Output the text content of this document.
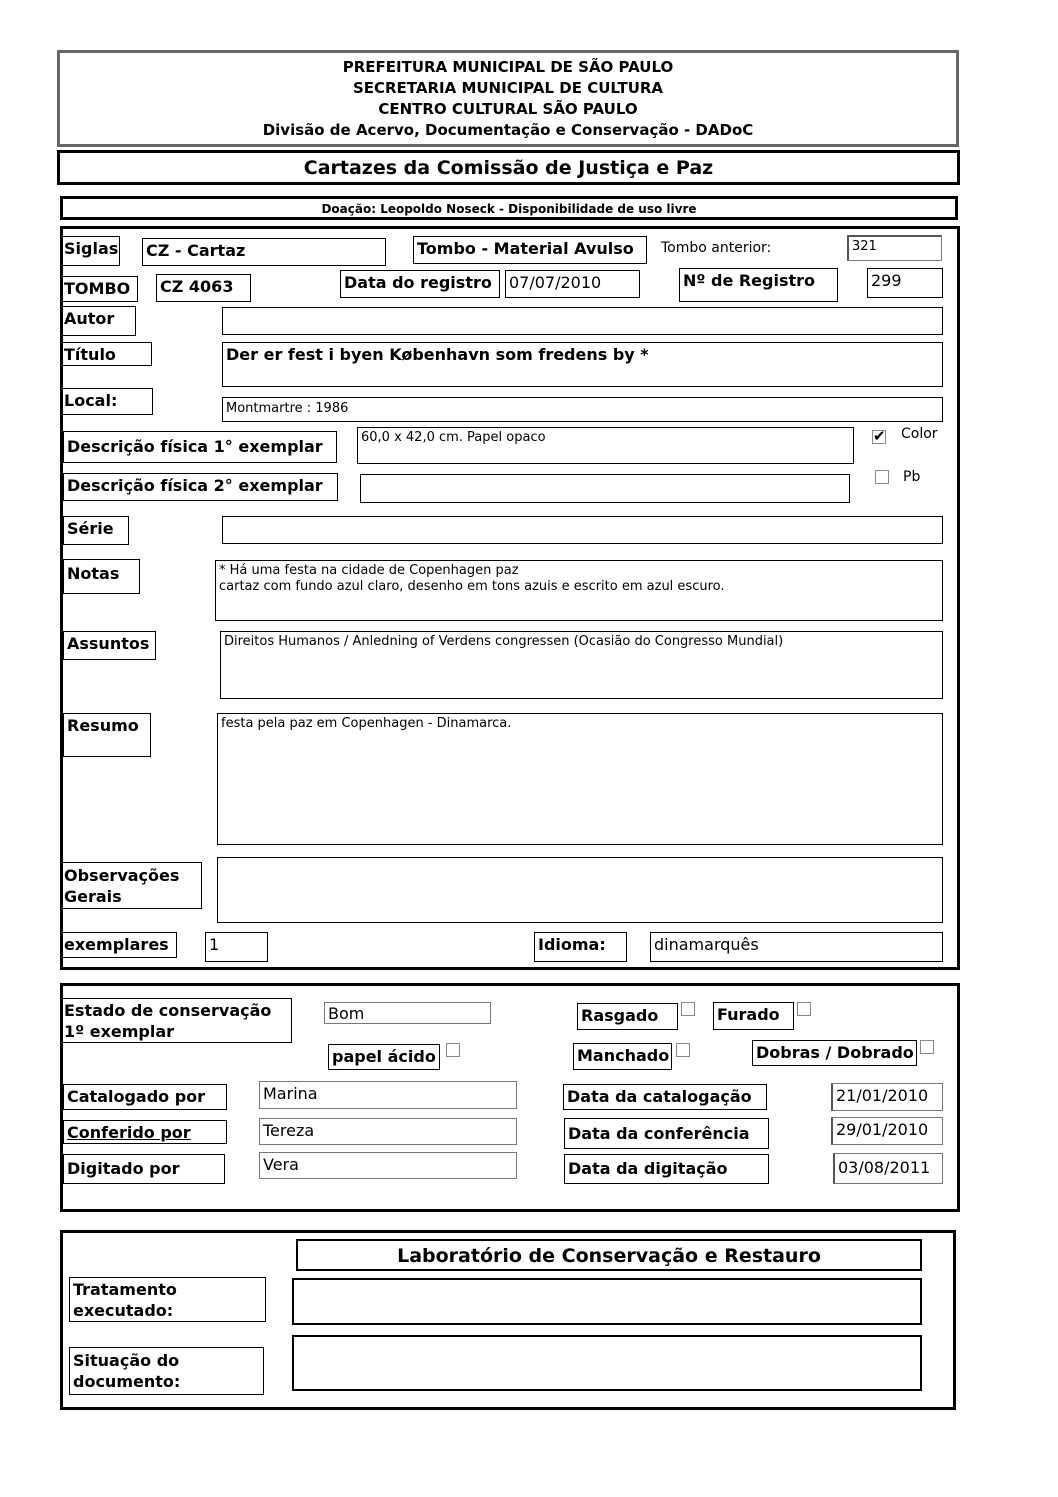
PREFEITURA MUNICIPAL DE SÃO PAULO
SECRETARIA MUNICIPAL DE CULTURA
CENTRO CULTURAL SÃO PAULO
Divisão de Acervo, Documentação e Conservação - DADoC
Cartazes da Comissão de Justiça e Paz
Doação: Leopoldo Noseck - Disponibilidade de uso livre
Siglas CZ - Cartaz	Tombo - Material Avulso	Tombo anterior:	321
TOMBO	CZ 4063	Data do registro	07/07/2010	Nº de Registro	299
Autor
Título	Der er fest i byen København som fredens by *
Local:	Montmartre : 1986
Descrição física 1° exemplar	60,0 x 42,0 cm. Papel opaco
✔	Color
Descrição física 2° exemplar	Pb
Série
Notas	* Há uma festa na cidade de Copenhagen paz
cartaz com fundo azul claro, desenho em tons azuis e escrito em azul escuro.
Assuntos	Direitos Humanos / Anledning of Verdens congressen (Ocasião do Congresso Mundial)
Resumo	festa pela paz em Copenhagen - Dinamarca.
Observações Gerais
exemplares	1	Idioma:	dinamarquês
Estado de conservação 1º exemplar
Bom	Rasgado	Furado
papel ácido	Manchado	Dobras / Dobrado
Catalogado por	Marina	Data da catalogação	21/01/2010
Conferido por	Tereza	Data da conferência	29/01/2010
Digitado por	Vera	Data da digitação	03/08/2011
Laboratório de Conservação e Restauro
Tratamento executado:
Situação do documento:
